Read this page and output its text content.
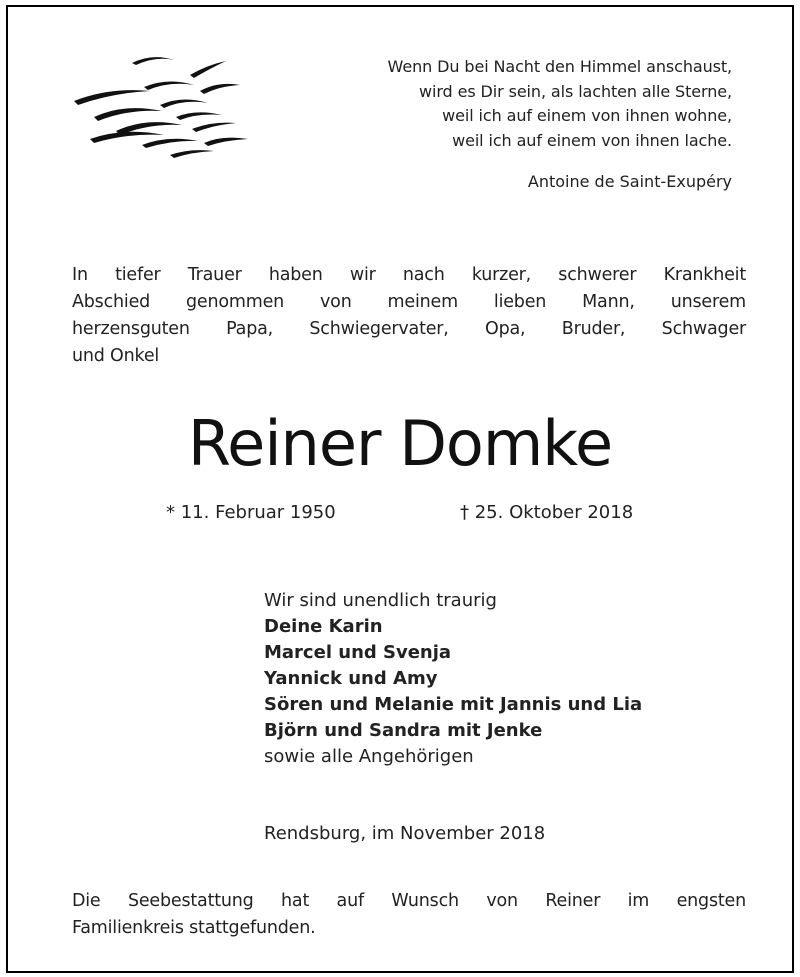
Wenn Du bei Nacht den Himmel anschaust,
wird es Dir sein, als lachten alle Sterne,
weil ich auf einem von ihnen wohne,
weil ich auf einem von ihnen lache.
Antoine de Saint-Exupéry
In tiefer Trauer haben wir nach kurzer, schwerer Krankheit
Abschied genommen von meinem lieben Mann, unserem
herzensguten Papa, Schwiegervater, Opa, Bruder, Schwager
und Onkel
Reiner Domke
* 11. Februar 1950	† 25. Oktober 2018
Wir sind unendlich traurig
Deine Karin
Marcel und Svenja
Yannick und Amy
Sören und Melanie mit Jannis und Lia
Björn und Sandra mit Jenke
sowie alle Angehörigen
Rendsburg, im November 2018
Die Seebestattung hat auf Wunsch von Reiner im engsten
Familienkreis stattgefunden.
